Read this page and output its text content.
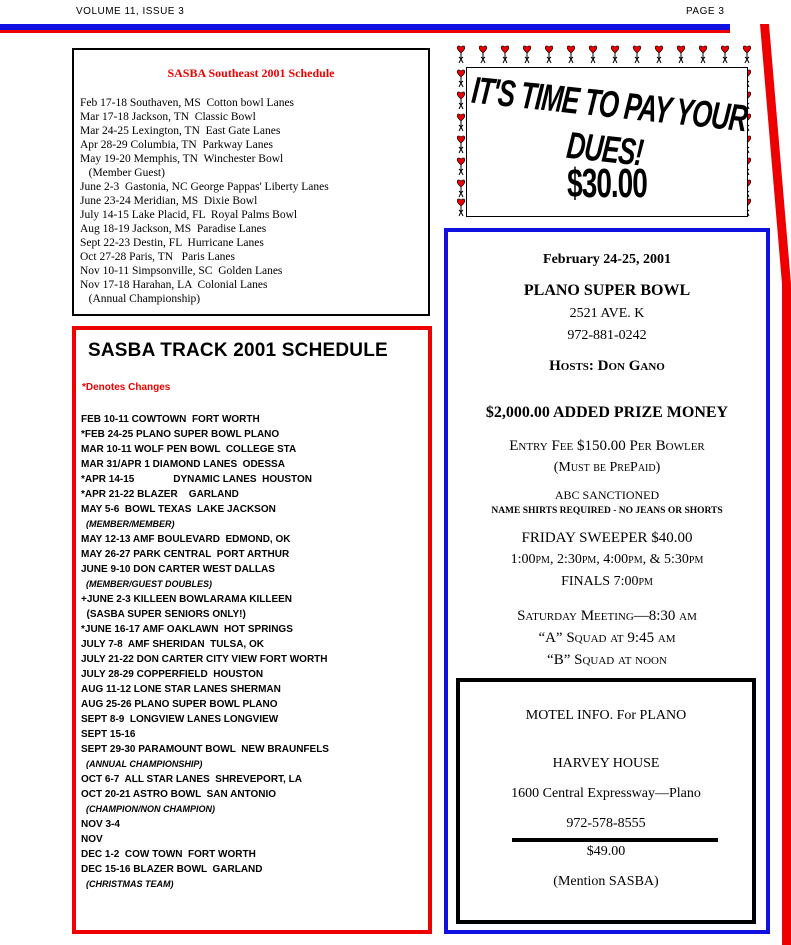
VOLUME 11, ISSUE 3	PAGE 3
SASBA Southeast 2001 Schedule
Feb 17-18 Southaven, MS  Cotton bowl Lanes
Mar 17-18 Jackson, TN  Classic Bowl
Mar 24-25 Lexington, TN  East Gate Lanes
Apr 28-29 Columbia, TN  Parkway Lanes
May 19-20 Memphis, TN  Winchester Bowl
(Member Guest)
June 2-3  Gastonia, NC George Pappas' Liberty Lanes
June 23-24 Meridian, MS  Dixie Bowl
July 14-15 Lake Placid, FL  Royal Palms Bowl
Aug 18-19 Jackson, MS  Paradise Lanes
Sept 22-23 Destin, FL  Hurricane Lanes
Oct 27-28 Paris, TN   Paris Lanes
Nov 10-11 Simpsonville, SC  Golden Lanes
Nov 17-18 Harahan, LA  Colonial Lanes
(Annual Championship)
SASBA TRACK 2001 SCHEDULE
*Denotes Changes
FEB 10-11 COWTOWN  FORT WORTH
*FEB 24-25 PLANO SUPER BOWL PLANO
MAR 10-11 WOLF PEN BOWL  COLLEGE STA
MAR 31/APR 1 DIAMOND LANES  ODESSA
*APR 14-15              DYNAMIC LANES  HOUSTON
*APR 21-22 BLAZER    GARLAND
MAY 5-6  BOWL TEXAS  LAKE JACKSON
(MEMBER/MEMBER)
MAY 12-13 AMF BOULEVARD  EDMOND, OK
MAY 26-27 PARK CENTRAL  PORT ARTHUR
JUNE 9-10 DON CARTER WEST DALLAS
(MEMBER/GUEST DOUBLES)
+JUNE 2-3 KILLEEN BOWLARAMA KILLEEN
(SASBA SUPER SENIORS ONLY!)
*JUNE 16-17 AMF OAKLAWN  HOT SPRINGS
JULY 7-8  AMF SHERIDAN  TULSA, OK
JULY 21-22 DON CARTER CITY VIEW FORT WORTH
JULY 28-29 COPPERFIELD  HOUSTON
AUG 11-12 LONE STAR LANES SHERMAN
AUG 25-26 PLANO SUPER BOWL PLANO
SEPT 8-9  LONGVIEW LANES LONGVIEW
SEPT 15-16
SEPT 29-30 PARAMOUNT BOWL  NEW BRAUNFELS
(ANNUAL CHAMPIONSHIP)
OCT 6-7  ALL STAR LANES  SHREVEPORT, LA
OCT 20-21 ASTRO BOWL  SAN ANTONIO
(CHAMPION/NON CHAMPION)
NOV 3-4
NOV
DEC 1-2  COW TOWN  FORT WORTH
DEC 15-16 BLAZER BOWL  GARLAND
(CHRISTMAS TEAM)
IT'S TIME TO PAY YOUR DUES!
$30.00
February 24-25, 2001
PLANO SUPER BOWL
2521 AVE. K
972-881-0242
Hosts: Don Gano
$2,000.00 ADDED PRIZE MONEY
Entry Fee $150.00 Per Bowler
(Must be PrePaid)
ABC SANCTIONED
NAME SHIRTS REQUIRED - NO JEANS OR SHORTS
FRIDAY SWEEPER $40.00
1:00pm, 2:30pm, 4:00pm, & 5:30pm
FINALS 7:00pm
Saturday Meeting—8:30 am
“A” Squad at 9:45 am
“B” Squad at noon
MOTEL INFO. For PLANO
HARVEY HOUSE
1600 Central Expressway—Plano
972-578-8555
$49.00
(Mention SASBA)
